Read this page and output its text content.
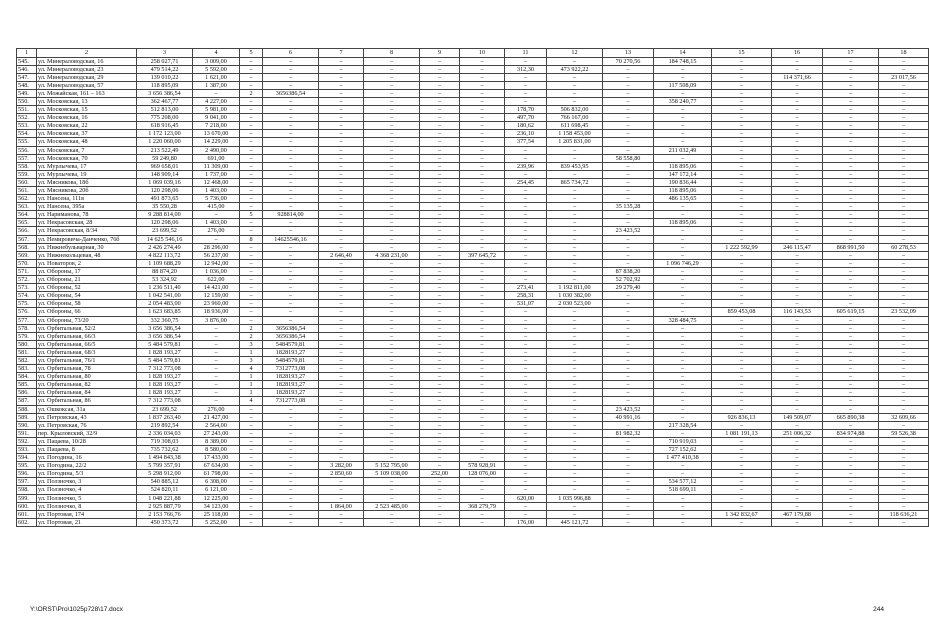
1	2	3	4	5	6	7	8	9	10	11	12	13	14	15	16	17	18
545.	ул. Минераловодская, 16	258 027,71	3 009,00	–	–	–	–	–	–	–	–	70 270,56	184 748,15	–	–	–	–
546.	ул. Минераловодская, 23	479 514,22	5 592,00	–	–	–	–	–	–	312,30	473 922,22	–	–	–	–	–	–
547.	ул. Минераловодская, 29	139 010,22	1 621,00	–	–	–	–	–	–	–	–	–	–	–	114 371,66	–	23 017,56
548.	ул. Минераловодская, 57	118 895,09	1 387,00	–	–	–	–	–	–	–	–	–	117 508,09	–	–	–	–
549.	ул. Можайская, 161 – 163	3 656 386,54	–	2	3656386,54	–	–	–	–	–	–	–	–	–	–	–	–
550.	ул. Московская, 13	362 467,77	4 227,00	–	–	–	–	–	–	–	–	–	358 240,77	–	–	–	–
551.	ул. Московская, 15	512 813,00	5 981,00	–	–	–	–	–	–	178,70	506 832,00	–	–	–	–	–	–
552.	ул. Московская, 16	775 208,00	9 041,00	–	–	–	–	–	–	497,70	766 167,00	–	–	–	–	–	–
553.	ул. Московская, 22	618 916,45	7 218,00	–	–	–	–	–	–	180,62	611 698,45	–	–	–	–	–	–
554.	ул. Московская, 37	1 172 123,00	13 670,00	–	–	–	–	–	–	236,10	1 158 453,00	–	–	–	–	–	–
555.	ул. Московская, 48	1 220 060,00	14 229,00	–	–	–	–	–	–	377,54	1 205 831,00	–	–	–	–	–	–
556.	ул. Московская, 7	213 522,49	2 490,00	–	–	–	–	–	–	–	–	–	211 032,49	–	–	–	–
557.	ул. Московская, 70	59 249,80	691,00	–	–	–	–	–	–	–	–	58 558,80	–	–	–	–	–
558.	ул. Мурлычева, 17	969 658,01	11 309,00	–	–	–	–	–	–	239,96	839 453,95	–	118 895,06	–	–	–	–
559.	ул. Мурлычева, 19	148 909,14	1 737,00	–	–	–	–	–	–	–	–	–	147 172,14	–	–	–	–
560.	ул. Мясникова, 18б	1 069 039,16	12 468,00	–	–	–	–	–	–	254,45	865 734,72	–	190 836,44	–	–	–	–
561.	ул. Мясникова, 20б	120 298,06	1 403,00	–	–	–	–	–	–	–	–	–	118 895,06	–	–	–	–
562.	ул. Нансена, 111в	491 873,65	5 736,00	–	–	–	–	–	–	–	–	–	486 135,65	–	–	–	–
563.	ул. Нансена, 395а	35 550,28	415,00	–	–	–	–	–	–	–	–	35 135,28	–	–	–	–	–
564.	ул. Нариманова, 78	9 288 814,00	–	5	928814,00	–	–	–	–	–	–	–	–	–	–	–	–
565.	ул. Некрасовская, 28	120 298,06	1 403,00	–	–	–	–	–	–	–	–	–	118 895,06	–	–	–	–
566.	ул. Некрасовская, 8/34	23 699,52	276,00	–	–	–	–	–	–	–	–	23 423,52	–	–	–	–	–
567.	ул. Немировича-Данченко, 76б	14 625 546,16	–	8	14625546,16	–	–	–	–	–	–	–	–	–	–	–	–
568.	ул. Нижнебульварная, 30	2 426 274,49	28 296,00	–	–	–	–	–	–	–	–	–	–	1 222 592,99	246 115,47	868 991,50	60 278,53
569.	ул. Нижнекольцевая, 48	4 822 113,72	56 237,00	–	–	2 646,40	4 368 231,00	–	397 645,72	–	–	–	–	–	–	–	–
570.	ул. Новаторов, 2	1 109 688,29	12 942,00	–	–	–	–	–	–	–	–	–	1 096 746,29	–	–	–	–
571.	ул. Обороны, 17	88 874,20	1 036,00	–	–	–	–	–	–	–	–	87 838,20	–	–	–	–	–
572.	ул. Обороны, 21	53 324,92	622,00	–	–	–	–	–	–	–	–	52 702,92	–	–	–	–	–
573.	ул. Обороны, 52	1 236 511,40	14 421,00	–	–	–	–	–	–	273,41	1 192 811,00	29 279,40	–	–	–	–	–
574.	ул. Обороны, 54	1 042 541,00	12 159,00	–	–	–	–	–	–	258,31	1 030 382,00	–	–	–	–	–	–
575.	ул. Обороны, 58	2 054 483,00	23 960,00	–	–	–	–	–	–	531,07	2 030 523,00	–	–	–	–	–	–
576.	ул. Обороны, 66	1 623 683,85	18 936,00	–	–	–	–	–	–	–	–	–	–	859 453,08	116 143,53	605 619,15	23 532,09
577.	ул. Обороны, 73/20	332 360,75	3 876,00	–	–	–	–	–	–	–	–	–	328 484,75	–	–	–	–
578.	ул. Орбитальная, 52/2	3 656 386,54	–	2	3656386,54	–	–	–	–	–	–	–	–	–	–	–	–
579.	ул. Орбитальная, 66/3	3 656 386,54	–	2	3656386,54	–	–	–	–	–	–	–	–	–	–	–	–
580.	ул. Орбитальная, 66/5	5 484 579,81	–	3	5484579,81	–	–	–	–	–	–	–	–	–	–	–	–
581.	ул. Орбитальная, 68/3	1 828 193,27	–	1	1828193,27	–	–	–	–	–	–	–	–	–	–	–	–
582.	ул. Орбитальная, 76/1	5 484 579,81	–	3	5484579,81	–	–	–	–	–	–	–	–	–	–	–	–
583.	ул. Орбитальная, 78	7 312 773,08	–	4	7312773,08	–	–	–	–	–	–	–	–	–	–	–	–
584.	ул. Орбитальная, 80	1 828 193,27	–	1	1828193,27	–	–	–	–	–	–	–	–	–	–	–	–
585.	ул. Орбитальная, 82	1 828 193,27	–	1	1828193,27	–	–	–	–	–	–	–	–	–	–	–	–
586.	ул. Орбитальная, 84	1 828 193,27	–	1	1828193,27	–	–	–	–	–	–	–	–	–	–	–	–
587.	ул. Орбитальная, 86	7 312 773,08	–	4	7312773,08	–	–	–	–	–	–	–	–	–	–	–	–
588.	ул. Ошкоксая, 31а	23 699,52	276,00	–	–	–	–	–	–	–	–	23 423,52	–	–	–	–	–
589.	ул. Петровская, 43	1 837 263,40	21 427,00	–	–	–	–	–	–	–	–	40 991,16	–	926 836,13	149 509,07	665 890,38	32 609,66
590.	ул. Петровская, 76	219 892,54	2 564,00	–	–	–	–	–	–	–	–	–	217 328,54	–	–	–	–
591.	пер. Крыловский, 32/9	2 336 034,03	27 243,00	–	–	–	–	–	–	–	–	81 982,32	–	1 081 191,13	251 006,32	834 974,88	59 526,38
592.	ул. Пацаева, 10/28	719 308,03	8 389,00	–	–	–	–	–	–	–	–	–	710 919,03	–	–	–	–
593.	ул. Пацаева, 8	735 732,62	8 580,00	–	–	–	–	–	–	–	–	–	727 152,62	–	–	–	–
594.	ул. Погодина, 16	1 494 843,38	17 433,00	–	–	–	–	–	–	–	–	–	1 477 410,38	–	–	–	–
595.	ул. Погодина, 22/2	5 799 357,91	67 634,00	–	–	3 282,00	5 152 795,00	–	578 928,91	–	–	–	–	–	–	–	–
596.	ул. Погодина, 5/3	5 298 912,00	61 798,00	–	–	2 850,60	5 109 038,00	252,00	128 076,00	–	–	–	–	–	–	–	–
597.	ул. Ползночко, 3	540 885,12	6 308,00	–	–	–	–	–	–	–	–	–	534 577,12	–	–	–	–
598.	ул. Ползночко, 4	524 820,11	6 121,00	–	–	–	–	–	–	–	–	–	518 699,11	–	–	–	–
599.	ул. Ползночко, 5	1 048 221,88	12 225,00	–	–	–	–	–	–	620,00	1 035 996,88	–	–	–	–	–	–
600.	ул. Ползночко, 8	2 925 887,79	34 123,00	–	–	1 864,00	2 523 485,00	–	368 279,79	–	–	–	–	–	–	–	–
601.	ул. Портовая, 174	2 153 766,76	25 118,00	–	–	–	–	–	–	–	–	–	–	1 342 832,67	467 179,88	–	118 636,21
602.	ул. Портовая, 21	450 373,72	5 252,00	–	–	–	–	–	–	176,00	445 121,72	–	–	–	–	–	–
Y:\ORST\Pro\1025p728\17.docx	244
